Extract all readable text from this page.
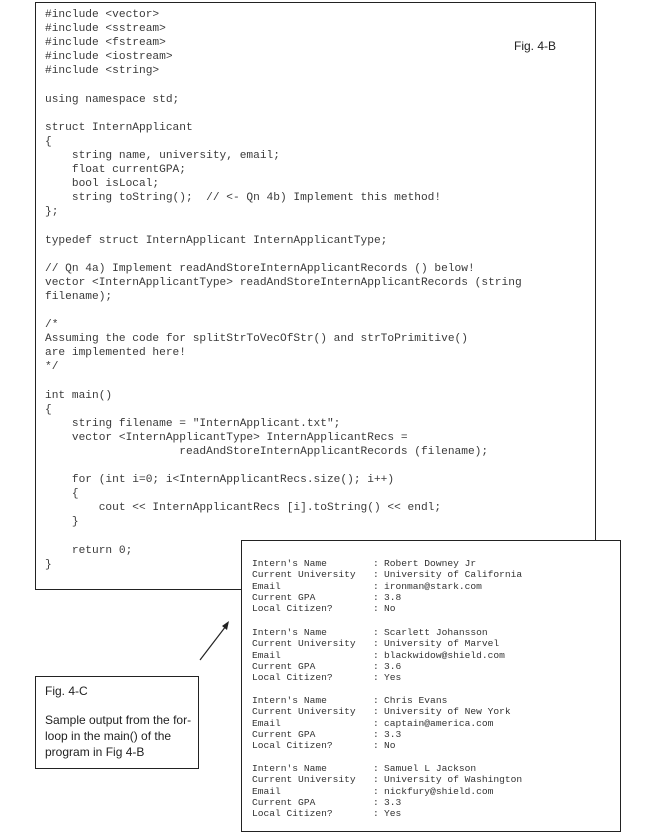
#include <vector>
#include <sstream>
#include <fstream>
#include <iostream>
#include <string>

using namespace std;

struct InternApplicant
{
string name, university, email;
float currentGPA;
bool isLocal;
string toString();  // <- Qn 4b) Implement this method!
};

typedef struct InternApplicant InternApplicantType;

// Qn 4a) Implement readAndStoreInternApplicantRecords () below!
vector <InternApplicantType> readAndStoreInternApplicantRecords (string
filename);

/*
Assuming the code for splitStrToVecOfStr() and strToPrimitive()
are implemented here!
*/

int main()
{
string filename = "InternApplicant.txt";
vector <InternApplicantType> InternApplicantRecs =
readAndStoreInternApplicantRecords (filename);

for (int i=0; i<InternApplicantRecs.size(); i++)
{
cout << InternApplicantRecs [i].toString() << endl;
}

return 0;
}

Fig. 4-B
Intern's Name	: Robert Downey Jr
Current University	: University of California
Email	: ironman@stark.com
Current GPA	: 3.8
Local Citizen?	: No
Intern's Name	: Scarlett Johansson
Current University	: University of Marvel
Email	: blackwidow@shield.com
Current GPA	: 3.6
Local Citizen?	: Yes
Intern's Name	: Chris Evans
Current University	: University of New York
Email	: captain@america.com
Current GPA	: 3.3
Local Citizen?	: No
Intern's Name	: Samuel L Jackson
Current University	: University of Washington
Email	: nickfury@shield.com
Current GPA	: 3.3
Local Citizen?	: Yes
Fig. 4-C
Sample output from the for-loop in the main() of the program in Fig 4-B
